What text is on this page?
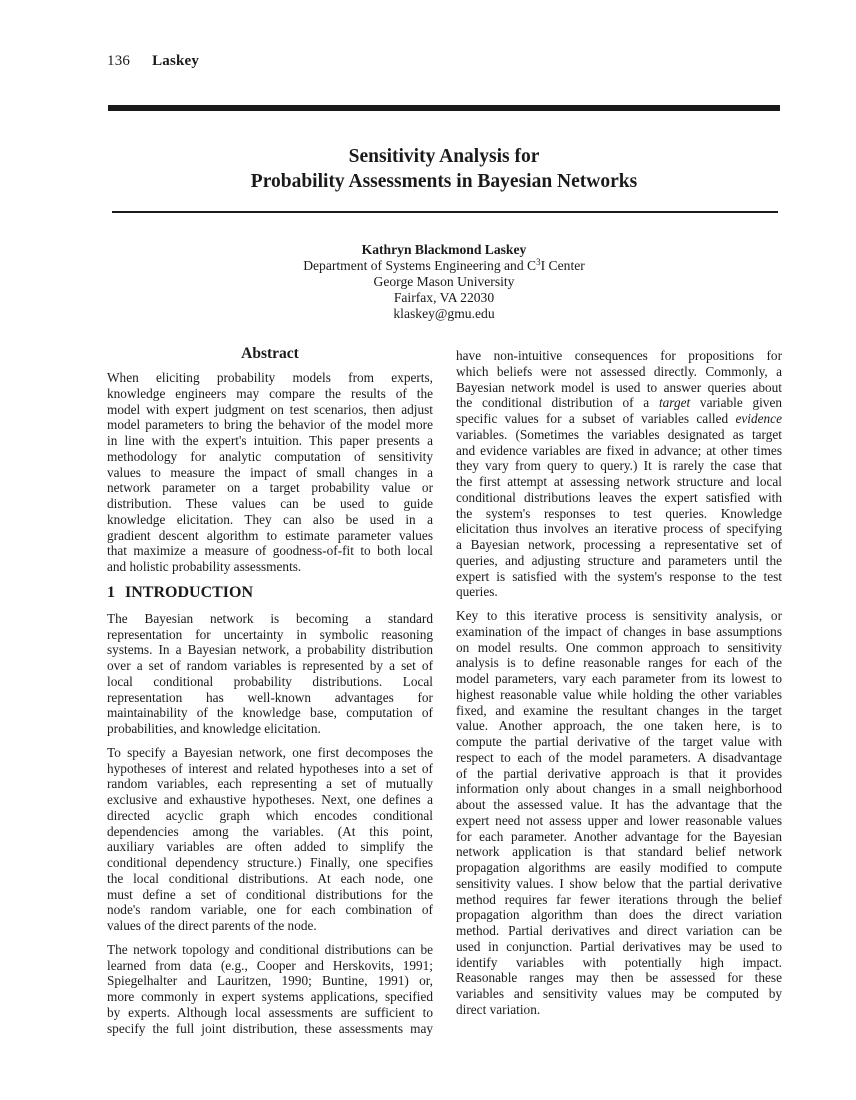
136 Laskey
Sensitivity Analysis for
Probability Assessments in Bayesian Networks
Kathryn Blackmond Laskey
Department of Systems Engineering and $C^3I$ Center
George Mason University
Fairfax, VA 22030
klaskey@gmu.edu
Abstract

When eliciting probability models from experts,
knowledge engineers may compare the results of the
model with expert judgment on test scenarios, then adjust
model parameters to bring the behavior of the model more
in line with the expert's intuition. This paper presents a
methodology for analytic computation of sensitivity
values to measure the impact of small changes in a
network parameter on a target probability value or
distribution. These values can be used to guide
knowledge elicitation. They can also be used in a
gradient descent algorithm to estimate parameter values
that maximize a measure of goodness-of-fit to both local
and holistic probability assessments.

1 INTRODUCTION

The Bayesian network is becoming a standard
representation for uncertainty in symbolic reasoning
systems. In a Bayesian network, a probability distribution
over a set of random variables is represented by a set of
local conditional probability distributions. Local
representation has well-known advantages for
maintainability of the knowledge base, computation of
probabilities, and knowledge elicitation.

To specify a Bayesian network, one first decomposes the
hypotheses of interest and related hypotheses into a set of
random variables, each representing a set of mutually
exclusive and exhaustive hypotheses. Next, one defines a
directed acyclic graph which encodes conditional
dependencies among the variables. (At this point,
auxiliary variables are often added to simplify the
conditional dependency structure.) Finally, one specifies
the local conditional distributions. At each node, one
must define a set of conditional distributions for the
node's random variable, one for each combination of
values of the direct parents of the node.

The network topology and conditional distributions can be
learned from data (e.g., Cooper and Herskovits, 1991;
Spiegelhalter and Lauritzen, 1990; Buntine, 1991) or,
more commonly in expert systems applications, specified
by experts. Although local assessments are sufficient to
specify the full joint distribution, these assessments may

have non-intuitive consequences for propositions for
which beliefs were not assessed directly. Commonly, a
Bayesian network model is used to answer queries about
the conditional distribution of a target variable given
specific values for a subset of variables called evidence
variables. (Sometimes the variables designated as target
and evidence variables are fixed in advance; at other times
they vary from query to query.) It is rarely the case that
the first attempt at assessing network structure and local
conditional distributions leaves the expert satisfied with
the system's responses to test queries. Knowledge
elicitation thus involves an iterative process of specifying
a Bayesian network, processing a representative set of
queries, and adjusting structure and parameters until the
expert is satisfied with the system's response to the test
queries.

Key to this iterative process is sensitivity analysis, or
examination of the impact of changes in base assumptions
on model results. One common approach to sensitivity
analysis is to define reasonable ranges for each of the
model parameters, vary each parameter from its lowest to
highest reasonable value while holding the other variables
fixed, and examine the resultant changes in the target
value. Another approach, the one taken here, is to
compute the partial derivative of the target value with
respect to each of the model parameters. A disadvantage
of the partial derivative approach is that it provides
information only about changes in a small neighborhood
about the assessed value. It has the advantage that the
expert need not assess upper and lower reasonable values
for each parameter. Another advantage for the Bayesian
network application is that standard belief network
propagation algorithms are easily modified to compute
sensitivity values. I show below that the partial derivative
method requires far fewer iterations through the belief
propagation algorithm than does the direct variation
method. Partial derivatives and direct variation can be
used in conjunction. Partial derivatives may be used to
identify variables with potentially high impact.
Reasonable ranges may then be assessed for these
variables and sensitivity values may be computed by
direct variation.
